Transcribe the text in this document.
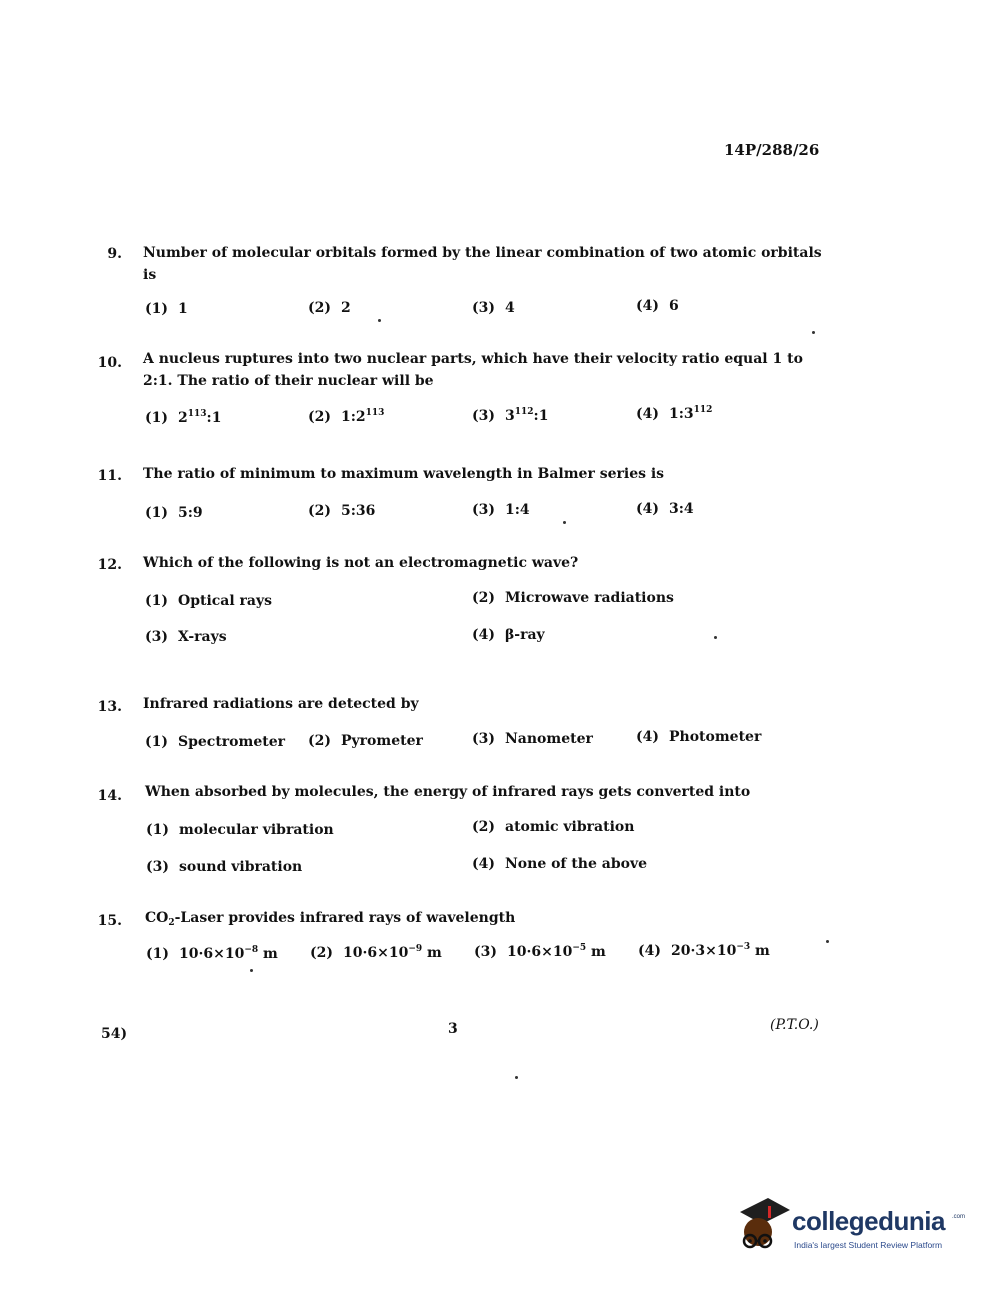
14P/288/26
9. Number of molecular orbitals formed by the linear combination of two atomic orbitals
is
(1) 1	(2) 2	(3) 4	(4) 6
10. A nucleus ruptures into two nuclear parts, which have their velocity ratio equal 1 to
2:1. The ratio of their nuclear will be
(1) $2^{113}:1$	(2) $1:2^{113}$	(3) $3^{112}:1$	(4) $1:3^{112}$
11. The ratio of minimum to maximum wavelength in Balmer series is
(1) 5:9	(2) 5:36	(3) 1:4	(4) 3:4
12. Which of the following is not an electromagnetic wave?
(1) Optical rays	(2) Microwave radiations
(3) X-rays	(4) β-ray
13. Infrared radiations are detected by
(1) Spectrometer (2) Pyrometer	(3) Nanometer	(4) Photometer
14. When absorbed by molecules, the energy of infrared rays gets converted into
(1) molecular vibration	(2) atomic vibration
(3) sound vibration	(4) None of the above
15. $CO_2$-Laser provides infrared rays of wavelength
(1) $10\cdot 6\times 10^{-8}$ m (2) $10\cdot 6\times 10^{-9}$ m (3) $10\cdot 6\times 10^{-5}$ m (4) $20\cdot 3\times 10^{-3}$ m
54)	3	(P.T.O.)
collegedunia .com
India's largest Student Review Platform
